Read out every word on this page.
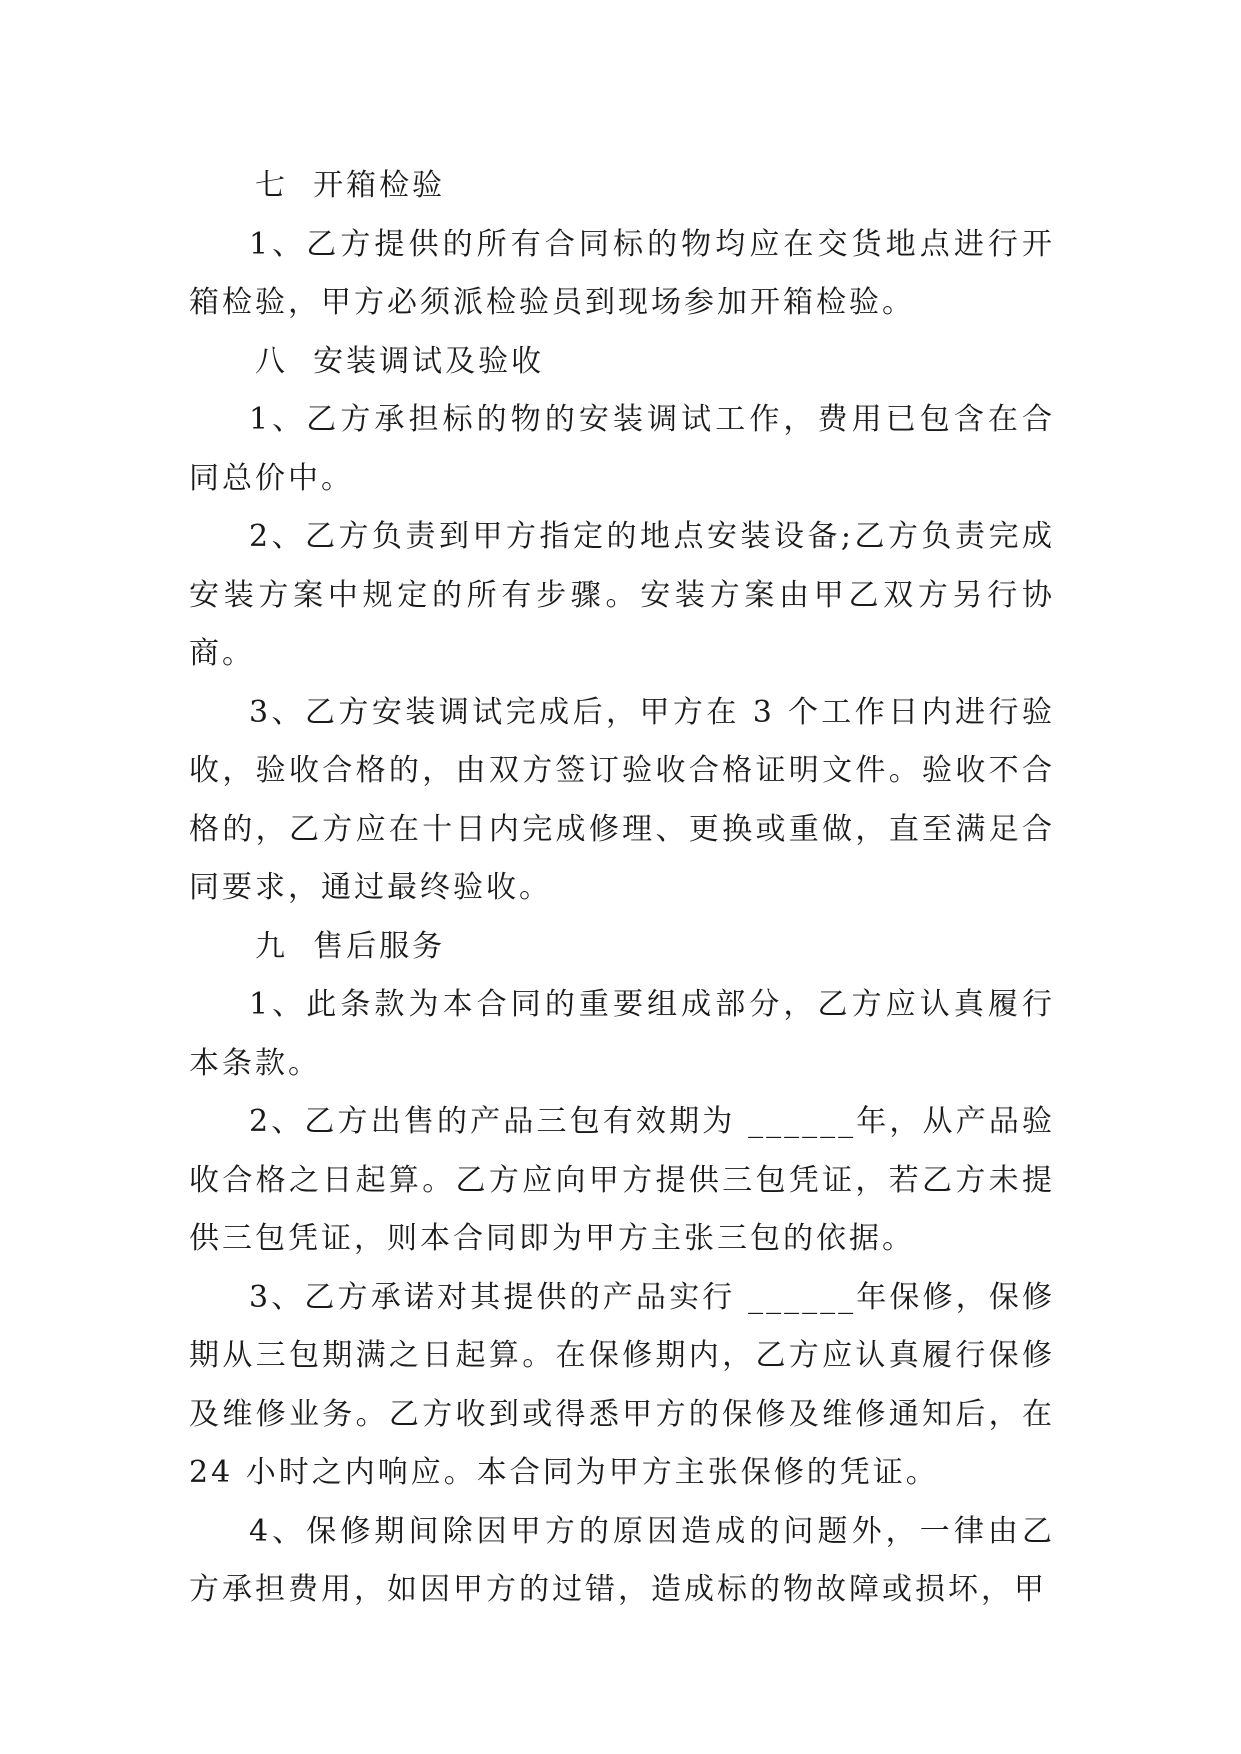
七  开箱检验

1、乙方提供的所有合同标的物均应在交货地点进行开箱检验，甲方必须派检验员到现场参加开箱检验。

八  安装调试及验收

1、乙方承担标的物的安装调试工作，费用已包含在合同总价中。

2、乙方负责到甲方指定的地点安装设备;乙方负责完成安装方案中规定的所有步骤。安装方案由甲乙双方另行协商。

3、乙方安装调试完成后，甲方在 3 个工作日内进行验收，验收合格的，由双方签订验收合格证明文件。验收不合格的，乙方应在十日内完成修理、更换或重做，直至满足合同要求，通过最终验收。

九  售后服务

1、此条款为本合同的重要组成部分，乙方应认真履行本条款。

2、乙方出售的产品三包有效期为 ______年，从产品验收合格之日起算。乙方应向甲方提供三包凭证，若乙方未提供三包凭证，则本合同即为甲方主张三包的依据。

3、乙方承诺对其提供的产品实行 ______年保修，保修期从三包期满之日起算。在保修期内，乙方应认真履行保修及维修业务。乙方收到或得悉甲方的保修及维修通知后，在 24 小时之内响应。本合同为甲方主张保修的凭证。

4、保修期间除因甲方的原因造成的问题外，一律由乙方承担费用，如因甲方的过错，造成标的物故障或损坏，甲
